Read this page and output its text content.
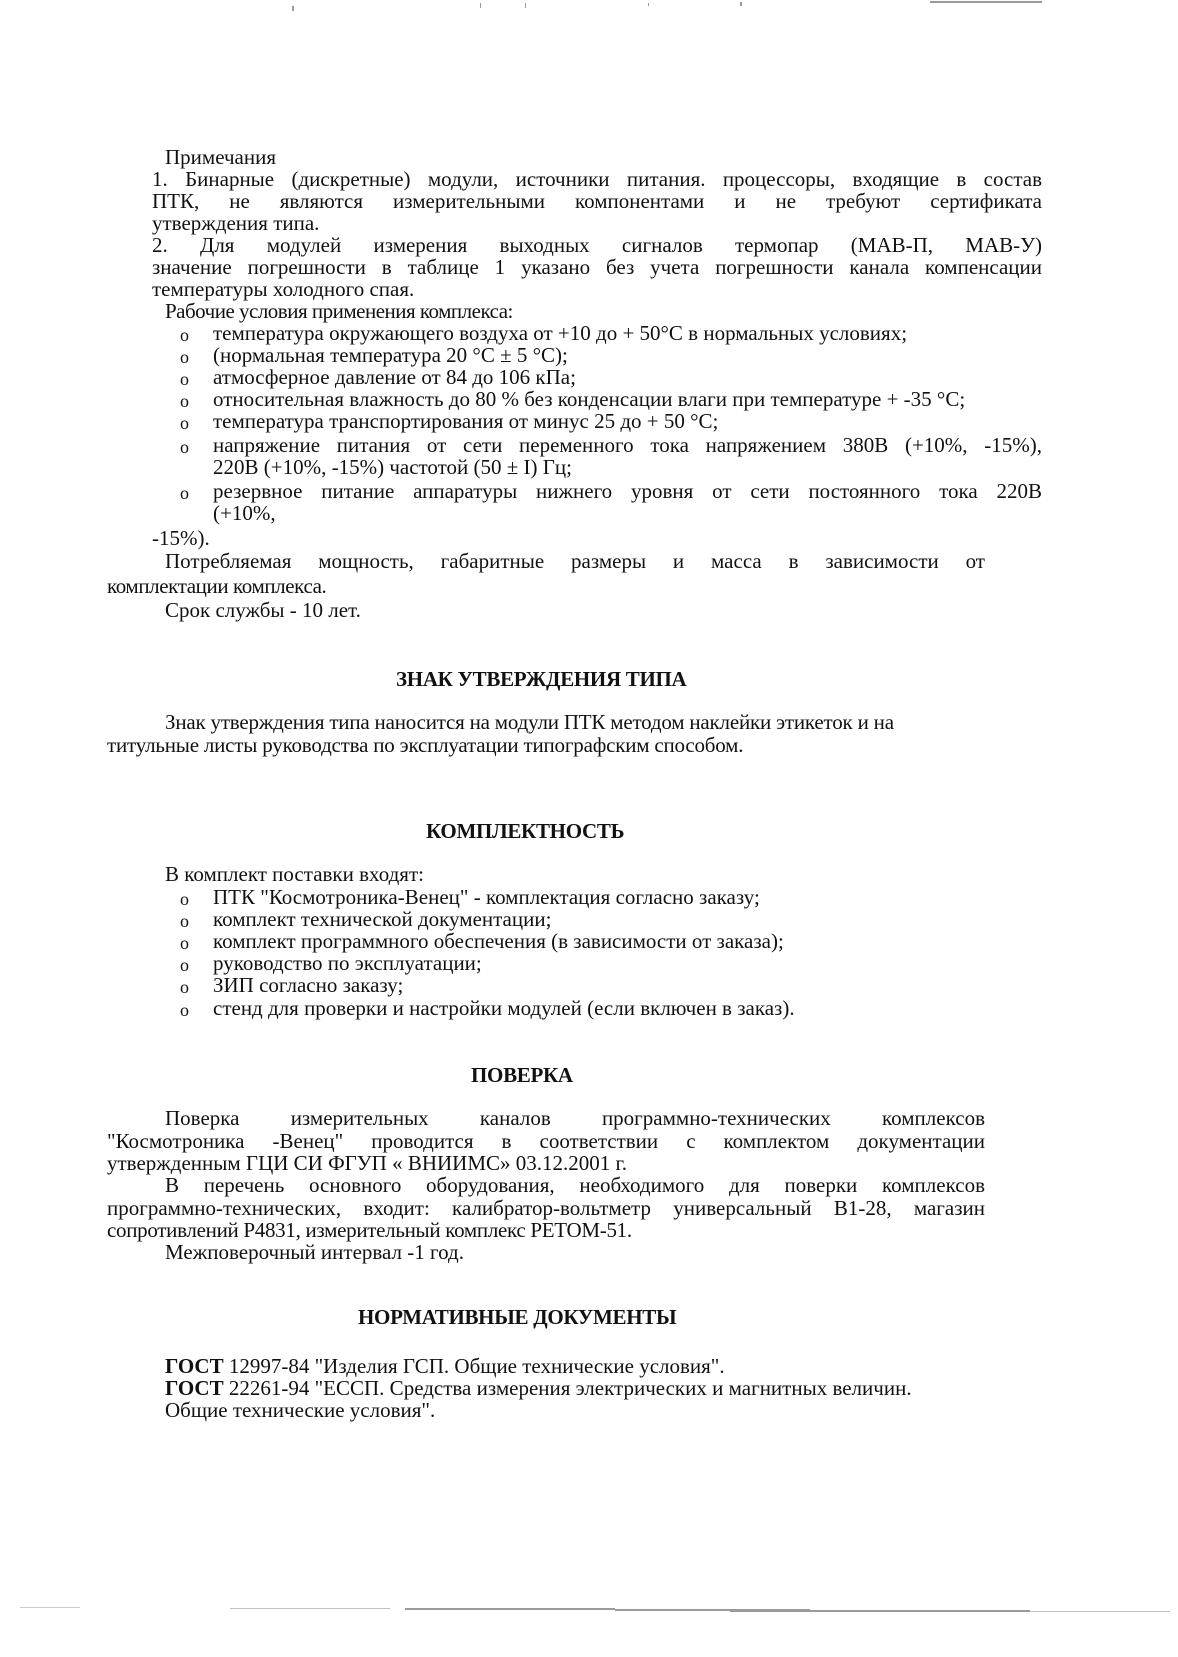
Примечания
1. Бинарные (дискретные) модули, источники питания. процессоры, входящие в состав
ПТК, не являются измерительными компонентами и не требуют сертификата
утверждения типа.
2. Для модулей измерения выходных сигналов термопар (МАВ-П, МАВ-У)
значение погрешности в таблице 1 указано без учета погрешности канала компенсации
температуры холодного спая.
Рабочие условия применения комплекса:
o температура окружающего воздуха от +10 до + 50°С в нормальных условиях;
o (нормальная температура 20 °С ± 5 °С);
o атмосферное давление от 84 до 106 кПа;
o относительная влажность до 80 % без конденсации влаги при температуре + -35 °С;
o температура транспортирования от минус 25 до + 50 °С;
o напряжение питания от сети переменного тока напряжением 380В (+10%, -15%),
220В (+10%, -15%) частотой (50 ± I) Гц;
o резервное питание аппаратуры нижнего уровня от сети постоянного тока 220В
(+10%,
-15%).
Потребляемая мощность, габаритные размеры и масса в зависимости от
комплектации комплекса.
Срок службы - 10 лет.
ЗНАК УТВЕРЖДЕНИЯ ТИПА
Знак утверждения типа наносится на модули ПТК методом наклейки этикеток и на
титульные листы руководства по эксплуатации типографским способом.
КОМПЛЕКТНОСТЬ
В комплект поставки входят:
o ПТК "Космотроника-Венец" - комплектация согласно заказу;
o комплект технической документации;
o комплект программного обеспечения (в зависимости от заказа);
o руководство по эксплуатации;
o ЗИП согласно заказу;
o стенд для проверки и настройки модулей (если включен в заказ).
ПОВЕРКА
Поверка измерительных каналов программно-технических комплексов
"Космотроника -Венец" проводится в соответствии с комплектом документации
утвержденным ГЦИ СИ ФГУП « ВНИИМС» 03.12.2001 г.
В перечень основного оборудования, необходимого для поверки комплексов
программно-технических, входит: калибратор-вольтметр универсальный В1-28, магазин
сопротивлений Р4831, измерительный комплекс РЕТОМ-51.
Межповерочный интервал -1 год.
НОРМАТИВНЫЕ ДОКУМЕНТЫ
ГОСТ 12997-84 "Изделия ГСП. Общие технические условия".
ГОСТ 22261-94 "ЕССП. Средства измерения электрических и магнитных величин.
Общие технические условия".
